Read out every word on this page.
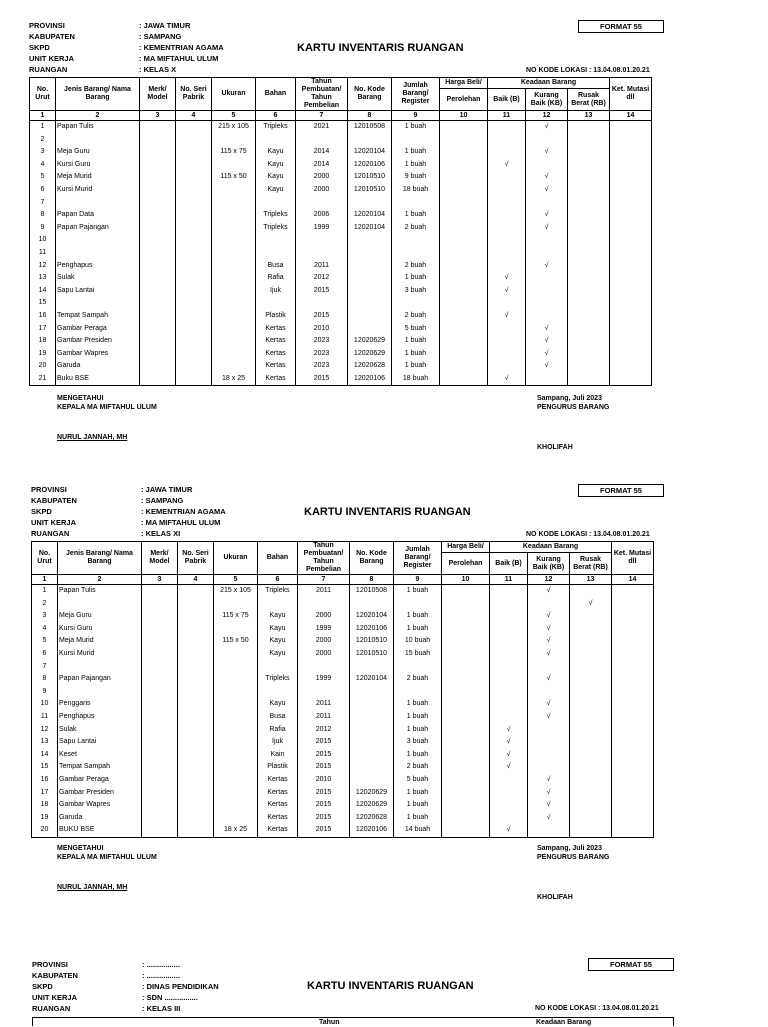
PROVINSI	: JAWA TIMUR
KABUPATEN	: SAMPANG
SKPD	: KEMENTRIAN AGAMA
UNIT KERJA	: MA MIFTAHUL ULUM
RUANGAN	: KELAS X
KARTU INVENTARIS RUANGAN
FORMAT 55
NO KODE LOKASI : 13.04.08.01.20.21
No. Urut	Jenis Barang/ Nama Barang	Merk/ Model	No. Seri Pabrik	Ukuran	Bahan	Tahun Pembuatan/ Tahun Pembelian	No. Kode Barang	Jumlah Barang/ Register	Harga Beli/	Keadaan Barang			Ket. Mutasi dll
									Perolehan	Baik (B)	Kurang Baik (KB)	Rusak Berat (RB)	
1	2	3	4	5	6	7	8	9	10	11	12	13	14
1	Papan Tulis			215 x 105	Tripleks	2021	12010508	1 buah			√		
2													
3	Meja Guru			115 x 75	Kayu	2014	12020104	1 buah			√		
4	Kursi Guru				Kayu	2014	12020106	1 buah		√			
5	Meja Murid			115 x 50	Kayu	2000	12010510	9 buah			√		
6	Kursi Murid				Kayu	2000	12010510	18 buah			√		
7													
8	Papan Data				Tripleks	2006	12020104	1 buah			√		
9	Papan Pajangan				Tripleks	1999	12020104	2 buah			√		
10													
11													
12	Penghapus				Busa	2011		2 buah			√		
13	Sulak				Rafia	2012		1 buah		√			
14	Sapu Lantai				Ijuk	2015		3 buah		√			
15													
16	Tempat Sampah				Plastik	2015		2 buah		√			
17	Gambar Peraga				Kertas	2010		5 buah			√		
18	Gambar Presiden				Kertas	2023	12020629	1 buah			√		
19	Gambar Wapres				Kertas	2023	12020629	1 buah			√		
20	Garuda				Kertas	2023	12020628	1 buah			√		
21	Buku BSE			18 x 25	Kertas	2015	12020106	18 buah		√			
MENGETAHUI
KEPALA MA MIFTAHUL ULUM
NURUL JANNAH, MH
Sampang, Juli 2023
PENGURUS BARANG
KHOLIFAH
PROVINSI	: JAWA TIMUR
KABUPATEN	: SAMPANG
SKPD	: KEMENTRIAN AGAMA
UNIT KERJA	: MA MIFTAHUL ULUM
RUANGAN	: KELAS XI
KARTU INVENTARIS RUANGAN
FORMAT 55
NO KODE LOKASI : 13.04.08.01.20.21
No. Urut	Jenis Barang/ Nama Barang	Merk/ Model	No. Seri Pabrik	Ukuran	Bahan	Tahun Pembuatan/ Tahun Pembelian	No. Kode Barang	Jumlah Barang/ Register	Harga Beli/	Keadaan Barang			Ket. Mutasi dll
									Perolehan	Baik (B)	Kurang Baik (KB)	Rusak Berat (RB)	
1	2	3	4	5	6	7	8	9	10	11	12	13	14
1	Papan Tulis			215 x 105	Tripleks	2011	12010508	1 buah			√		
2												√	
3	Meja Guru			115 x 75	Kayu	2000	12020104	1 buah			√		
4	Kursi Guru				Kayu	1999	12020106	1 buah			√		
5	Meja Murid			115 x 50	Kayu	2000	12010510	10 buah			√		
6	Kursi Murid				Kayu	2000	12010510	15 buah			√		
7													
8	Papan Pajangan				Tripleks	1999	12020104	2 buah			√		
9													
10	Penggaris				Kayu	2011		1 buah			√		
11	Penghapus				Busa	2011		1 buah			√		
12	Sulak				Rafia	2012		1 buah		√			
13	Sapu Lantai				Ijuk	2015		3 buah		√			
14	Keset				Kain	2015		1 buah		√			
15	Tempat Sampah				Plastik	2015		2 buah		√			
16	Gambar Peraga				Kertas	2010		5 buah			√		
17	Gambar Presiden				Kertas	2015	12020629	1 buah			√		
18	Gambar Wapres				Kertas	2015	12020629	1 buah			√		
19	Garuda				Kertas	2015	12020628	1 buah			√		
20	BUKU BSE			18 x 25	Kertas	2015	12020106	14 buah		√			
MENGETAHUI
KEPALA MA MIFTAHUL ULUM
NURUL JANNAH, MH
Sampang, Juli 2023
PENGURUS BARANG
KHOLIFAH
PROVINSI	: ................
KABUPATEN	: ................
SKPD	: DINAS PENDIDIKAN
UNIT KERJA	: SDN ................
RUANGAN	: KELAS III
KARTU INVENTARIS RUANGAN
FORMAT 55
NO KODE LOKASI : 13.04.08.01.20.21
Tahun	Keadaan Barang
